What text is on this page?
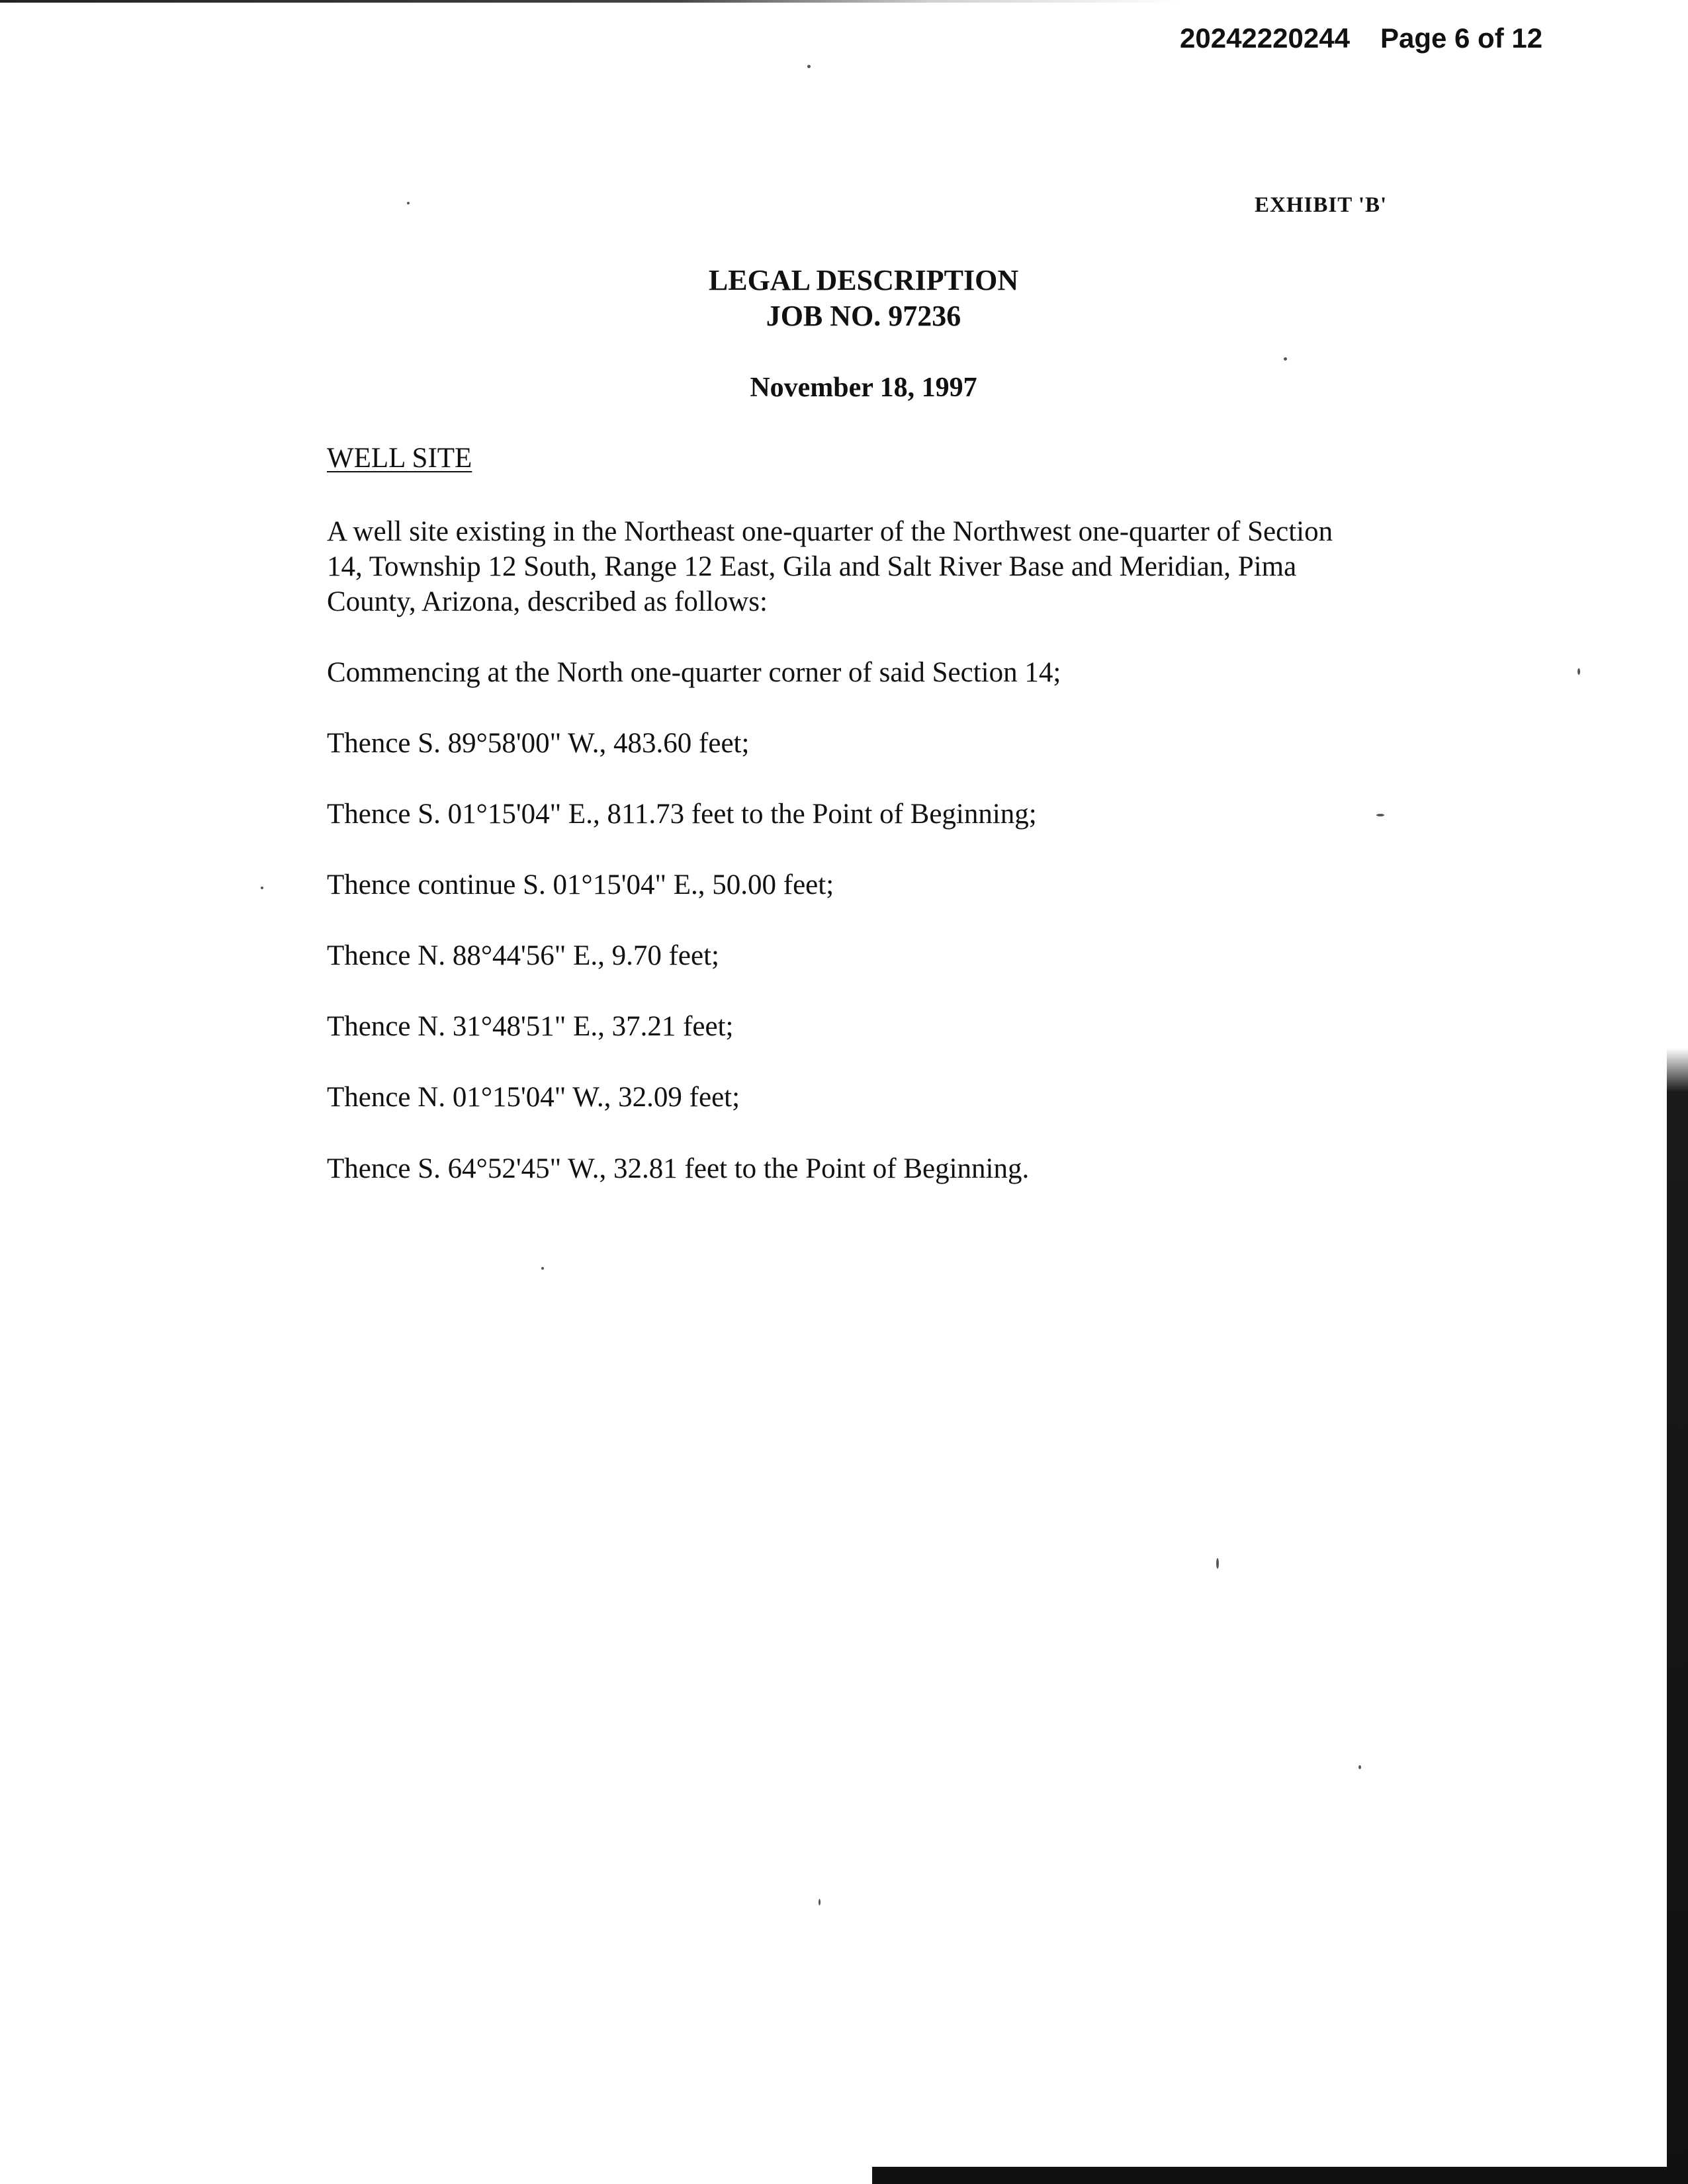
20242220244 Page 6 of 12
EXHIBIT 'B'
LEGAL DESCRIPTION
JOB NO. 97236
November 18, 1997
WELL SITE
A well site existing in the Northeast one-quarter of the Northwest one-quarter of Section
14, Township 12 South, Range 12 East, Gila and Salt River Base and Meridian, Pima
County, Arizona, described as follows:
Commencing at the North one-quarter corner of said Section 14;
Thence S. 89°58'00" W., 483.60 feet;
Thence S. 01°15'04" E., 811.73 feet to the Point of Beginning;
Thence continue S. 01°15'04" E., 50.00 feet;
Thence N. 88°44'56" E., 9.70 feet;
Thence N. 31°48'51" E., 37.21 feet;
Thence N. 01°15'04" W., 32.09 feet;
Thence S. 64°52'45" W., 32.81 feet to the Point of Beginning.
